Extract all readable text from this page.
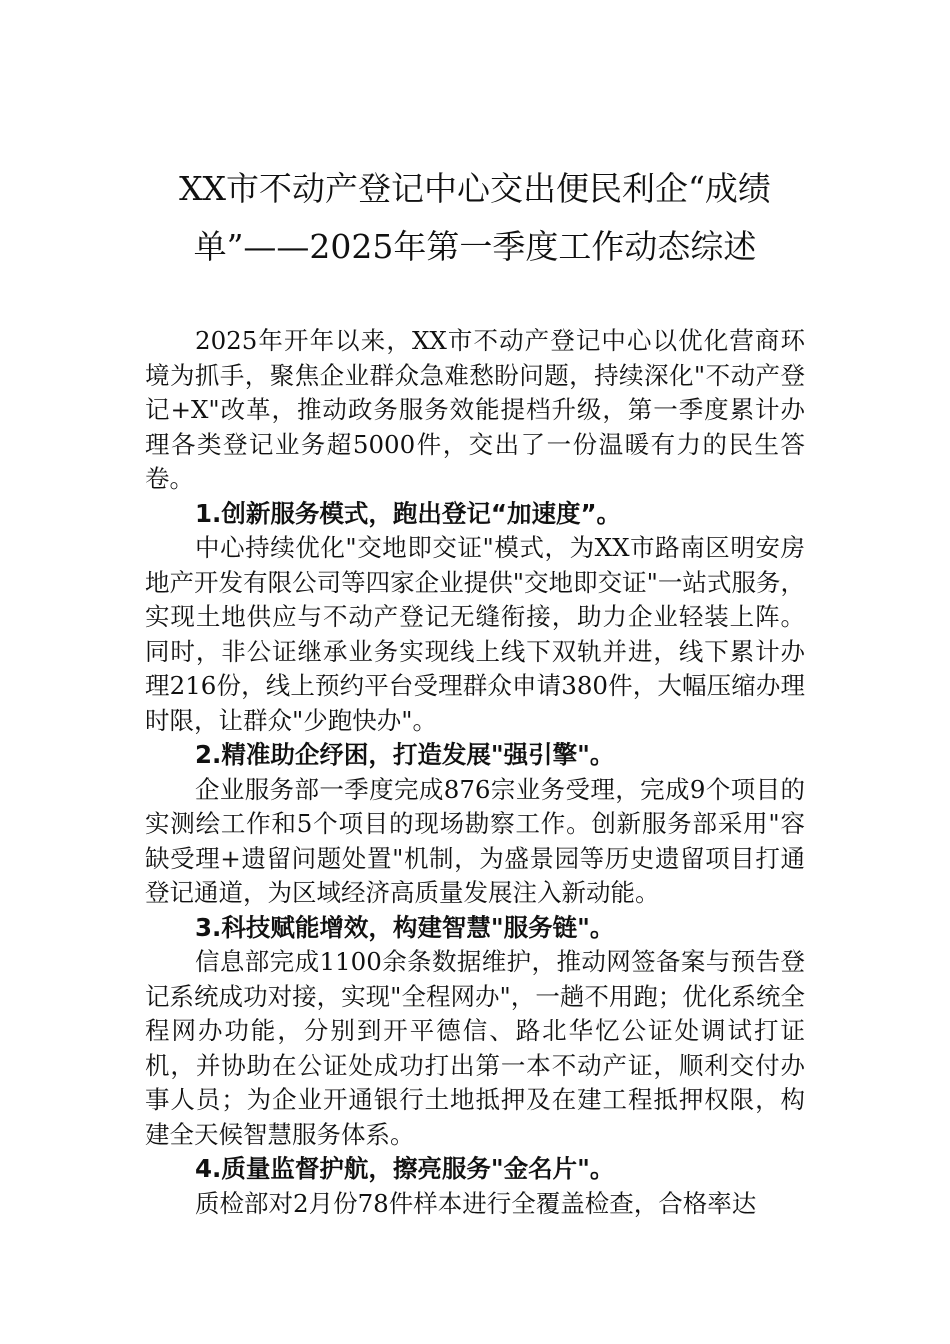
XX市不动产登记中心交出便民利企“成绩单”——2025年第一季度工作动态综述

2025年开年以来，XX市不动产登记中心以优化营商环境为抓手，聚焦企业群众急难愁盼问题，持续深化"不动产登记+X"改革，推动政务服务效能提档升级，第一季度累计办理各类登记业务超5000件，交出了一份温暖有力的民生答卷。

1.创新服务模式，跑出登记“加速度”。

中心持续优化"交地即交证"模式，为XX市路南区明安房地产开发有限公司等四家企业提供"交地即交证"一站式服务，实现土地供应与不动产登记无缝衔接，助力企业轻装上阵。同时，非公证继承业务实现线上线下双轨并进，线下累计办理216份，线上预约平台受理群众申请380件，大幅压缩办理时限，让群众"少跑快办"。

2.精准助企纾困，打造发展"强引擎"。

企业服务部一季度完成876宗业务受理，完成9个项目的实测绘工作和5个项目的现场勘察工作。创新服务部采用"容缺受理+遗留问题处置"机制，为盛景园等历史遗留项目打通登记通道，为区域经济高质量发展注入新动能。

3.科技赋能增效，构建智慧"服务链"。

信息部完成1100余条数据维护，推动网签备案与预告登记系统成功对接，实现"全程网办"，一趟不用跑；优化系统全程网办功能，分别到开平德信、路北华忆公证处调试打证机，并协助在公证处成功打出第一本不动产证，顺利交付办事人员；为企业开通银行土地抵押及在建工程抵押权限，构建全天候智慧服务体系。

4.质量监督护航，擦亮服务"金名片"。

质检部对2月份78件样本进行全覆盖检查，合格率达
